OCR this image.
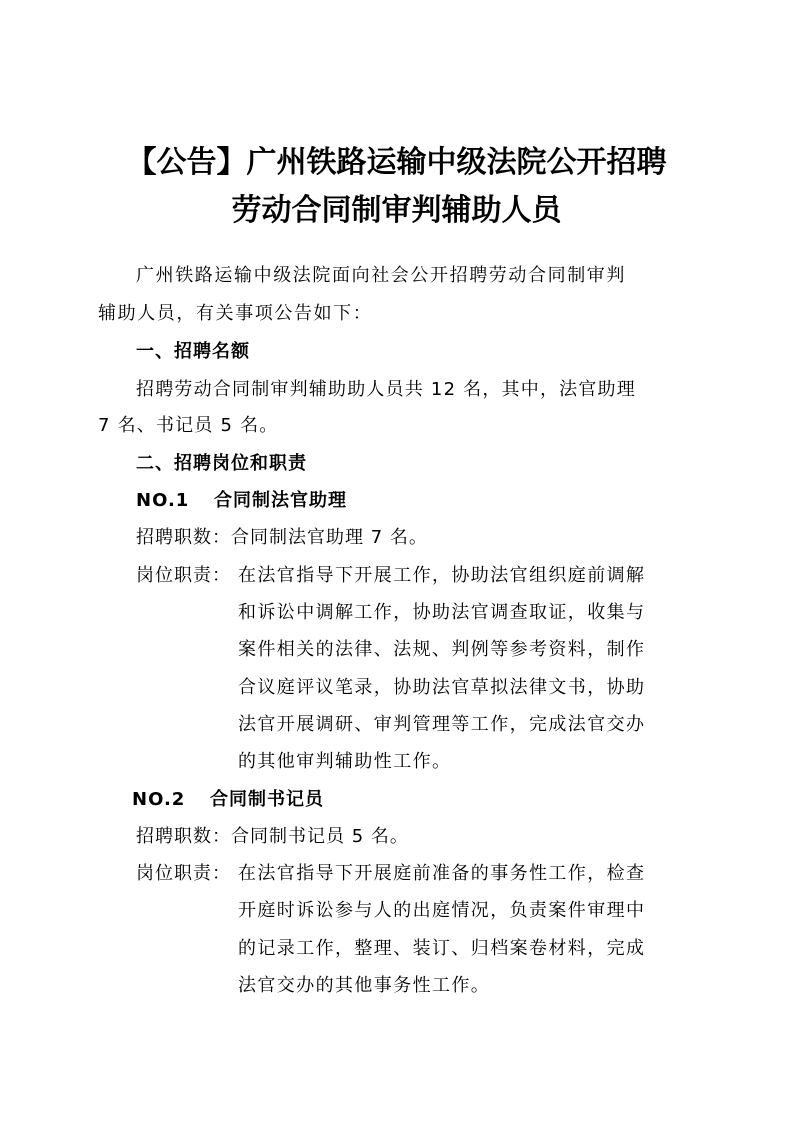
【公告】广州铁路运输中级法院公开招聘
劳动合同制审判辅助人员
广州铁路运输中级法院面向社会公开招聘劳动合同制审判
辅助人员，有关事项公告如下：
一、招聘名额
招聘劳动合同制审判辅助助人员共 12 名，其中，法官助理
7 名、书记员 5 名。
二、招聘岗位和职责
NO.1 合同制法官助理
招聘职数：合同制法官助理 7 名。
岗位职责： 在法官指导下开展工作，协助法官组织庭前调解
和诉讼中调解工作，协助法官调查取证，收集与
案件相关的法律、法规、判例等参考资料，制作
合议庭评议笔录，协助法官草拟法律文书，协助
法官开展调研、审判管理等工作，完成法官交办
的其他审判辅助性工作。
NO.2 合同制书记员
招聘职数：合同制书记员 5 名。
岗位职责： 在法官指导下开展庭前准备的事务性工作，检查
开庭时诉讼参与人的出庭情况，负责案件审理中
的记录工作，整理、装订、归档案卷材料，完成
法官交办的其他事务性工作。
